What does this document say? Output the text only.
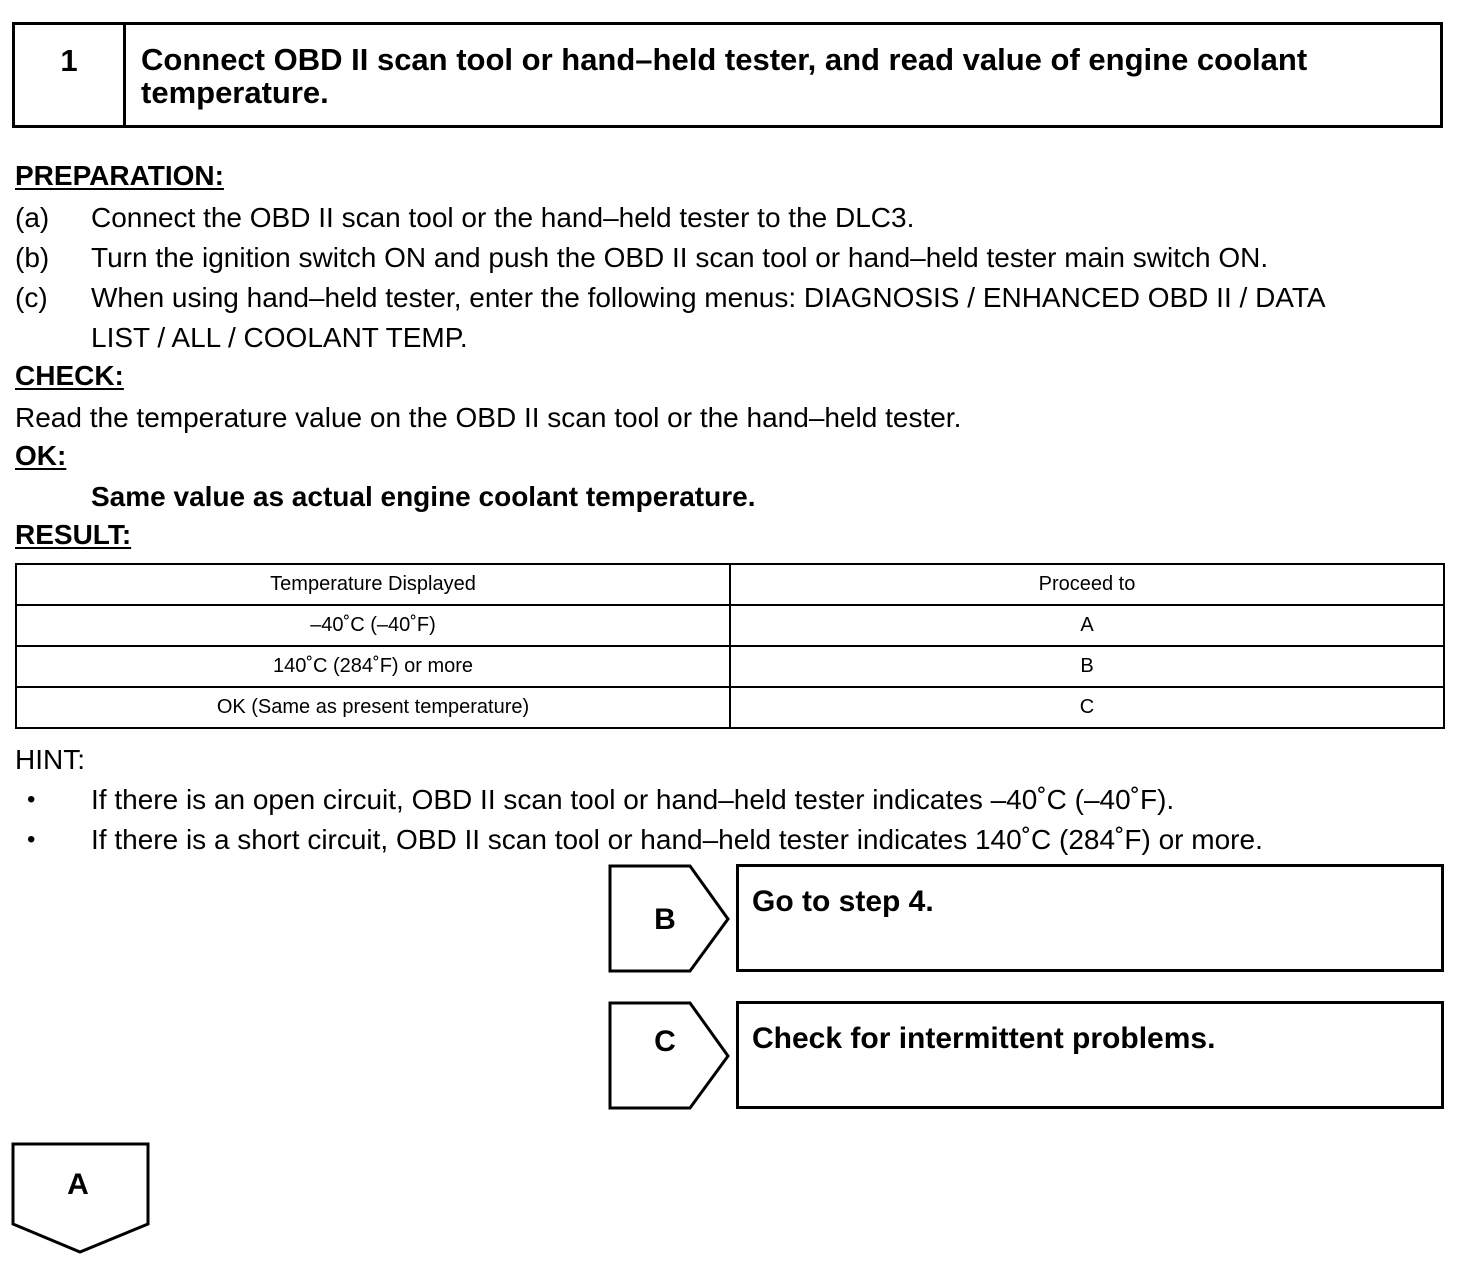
1	Connect OBD II scan tool or hand–held tester, and read value of engine coolant temperature.
PREPARATION:
(a) Connect the OBD II scan tool or the hand–held tester to the DLC3.
(b) Turn the ignition switch ON and push the OBD II scan tool or hand–held tester main switch ON.
(c) When using hand–held tester, enter the following menus: DIAGNOSIS / ENHANCED OBD II / DATA
LIST / ALL / COOLANT TEMP.
CHECK:
Read the temperature value on the OBD II scan tool or the hand–held tester.
OK:
Same value as actual engine coolant temperature.
RESULT:
Temperature Displayed	Proceed to
–40˚C (–40˚F)	A
140˚C (284˚F) or more	B
OK (Same as present temperature)	C
HINT:
• If there is an open circuit, OBD II scan tool or hand–held tester indicates –40˚C (–40˚F).
• If there is a short circuit, OBD II scan tool or hand–held tester indicates 140˚C (284˚F) or more.
B
Go to step 4.
C	Check for intermittent problems.
A
